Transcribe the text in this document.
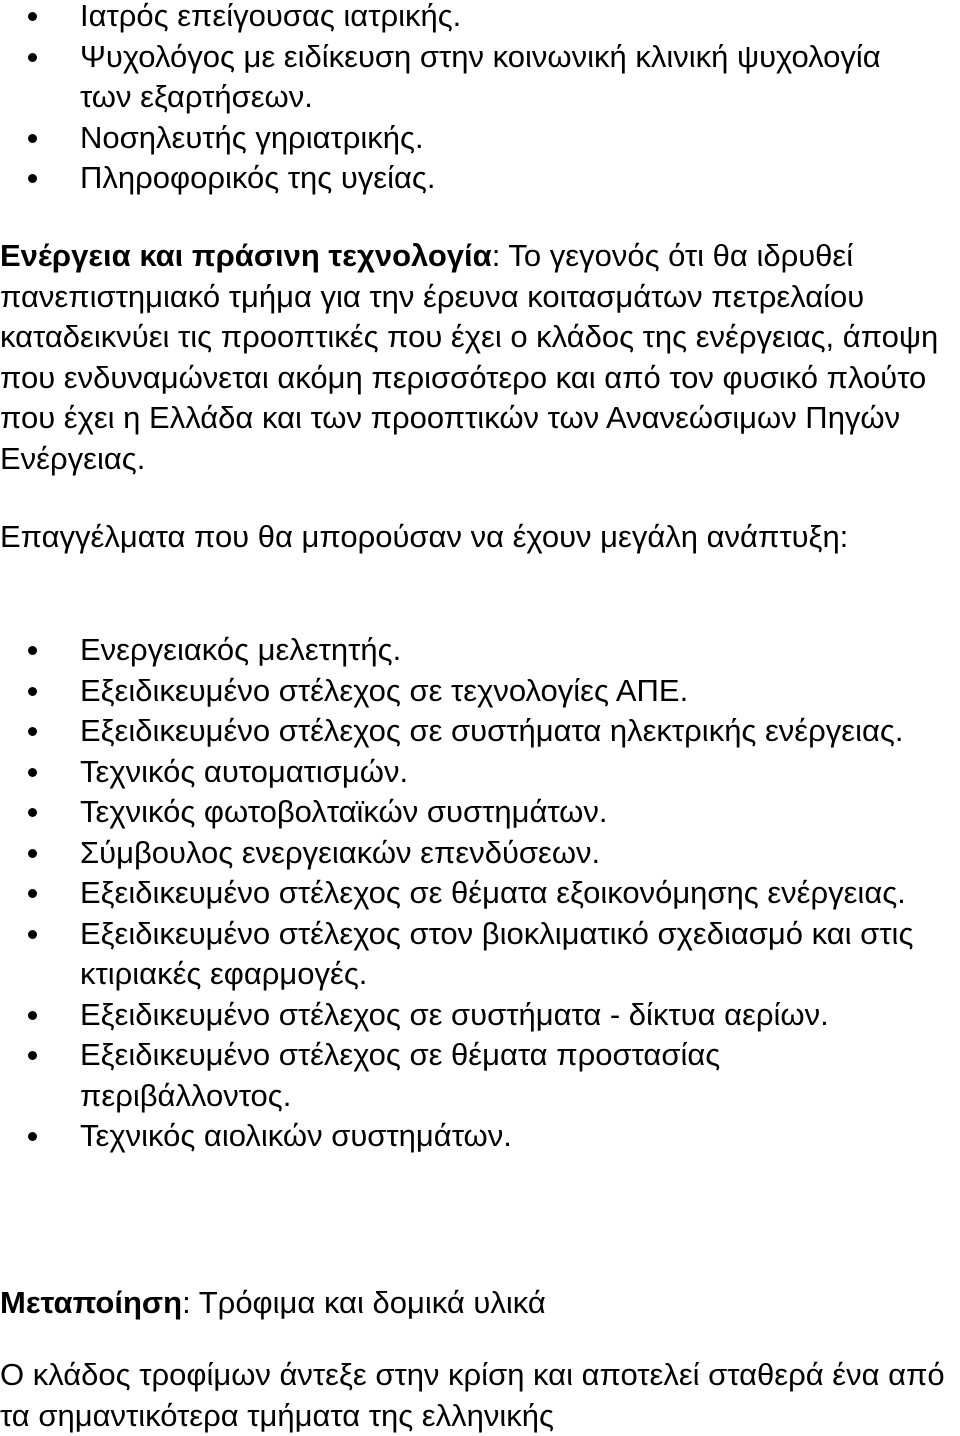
Ιατρός επείγουσας ιατρικής.
Ψυχολόγος με ειδίκευση στην κοινωνική κλινική ψυχολογία των εξαρτήσεων.
Νοσηλευτής γηριατρικής.
Πληροφορικός της υγείας.

Ενέργεια και πράσινη τεχνολογία: Το γεγονός ότι θα ιδρυθεί πανεπιστημιακό τμήμα για την έρευνα κοιτασμάτων πετρελαίου καταδεικνύει τις προοπτικές που έχει ο κλάδος της ενέργειας, άποψη που ενδυναμώνεται ακόμη περισσότερο και από τον φυσικό πλούτο που έχει η Ελλάδα και των προοπτικών των Ανανεώσιμων Πηγών Ενέργειας.

Επαγγέλματα που θα μπορούσαν να έχουν μεγάλη ανάπτυξη:

Ενεργειακός μελετητής.
Εξειδικευμένο στέλεχος σε τεχνολογίες ΑΠΕ.
Εξειδικευμένο στέλεχος σε συστήματα ηλεκτρικής ενέργειας.
Τεχνικός αυτοματισμών.
Τεχνικός φωτοβολταϊκών συστημάτων.
Σύμβουλος ενεργειακών επενδύσεων.
Εξειδικευμένο στέλεχος σε θέματα εξοικονόμησης ενέργειας.
Εξειδικευμένο στέλεχος στον βιοκλιματικό σχεδιασμό και στις κτιριακές εφαρμογές.
Εξειδικευμένο στέλεχος σε συστήματα - δίκτυα αερίων.
Εξειδικευμένο στέλεχος σε θέματα προστασίας περιβάλλοντος.
Τεχνικός αιολικών συστημάτων.

Μεταποίηση: Τρόφιμα και δομικά υλικά

Ο κλάδος τροφίμων άντεξε στην κρίση και αποτελεί σταθερά ένα από τα σημαντικότερα τμήματα της ελληνικής
